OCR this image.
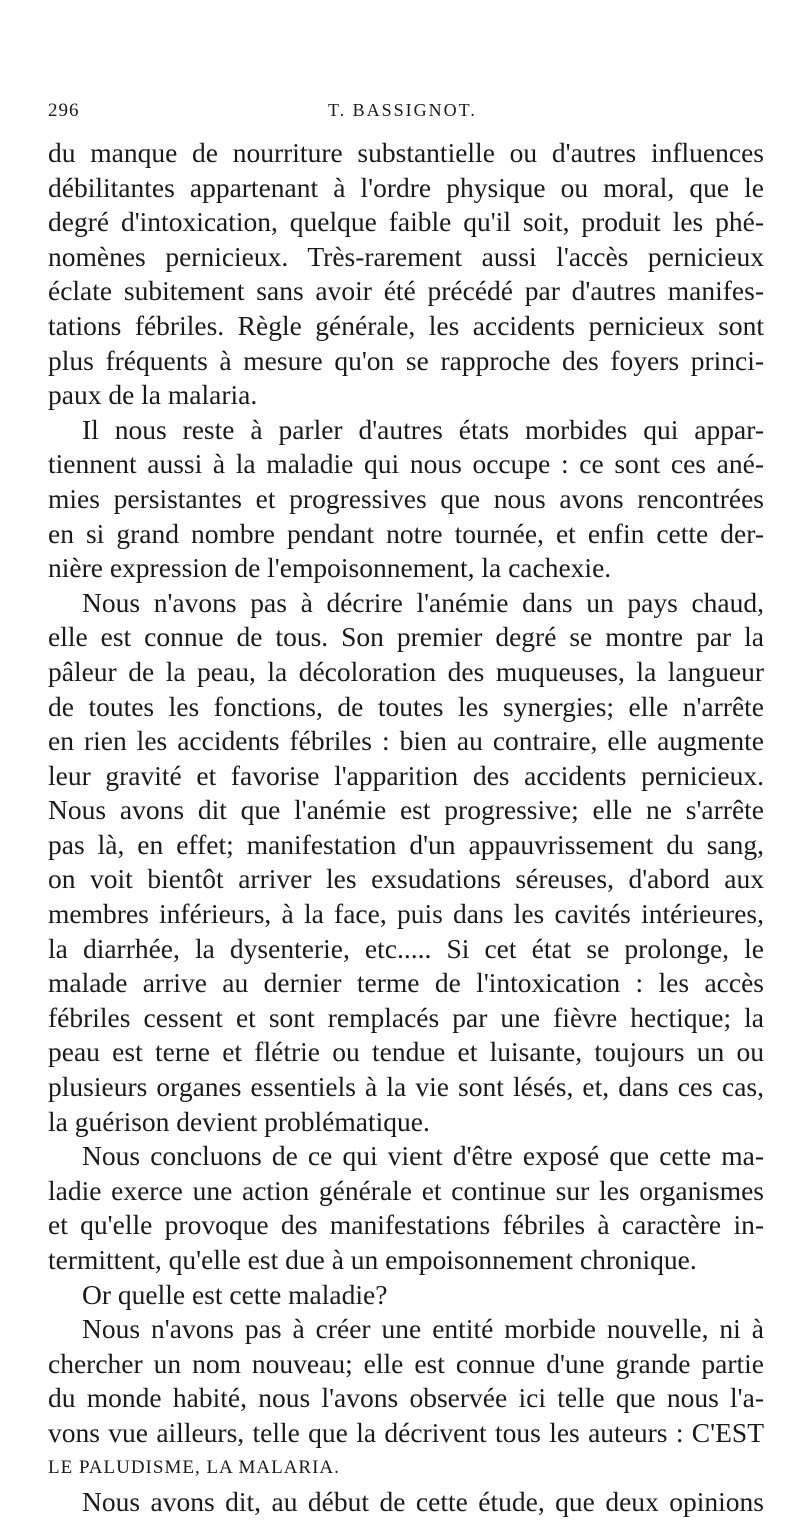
296	T. BASSIGNOT.
du manque de nourriture substantielle ou d'autres influences
débilitantes appartenant à l'ordre physique ou moral, que le
degré d'intoxication, quelque faible qu'il soit, produit les phé-
nomènes pernicieux. Très-rarement aussi l'accès pernicieux
éclate subitement sans avoir été précédé par d'autres manifes-
tations fébriles. Règle générale, les accidents pernicieux sont
plus fréquents à mesure qu'on se rapproche des foyers princi-
paux de la malaria.
Il nous reste à parler d'autres états morbides qui appar-
tiennent aussi à la maladie qui nous occupe : ce sont ces ané-
mies persistantes et progressives que nous avons rencontrées
en si grand nombre pendant notre tournée, et enfin cette der-
nière expression de l'empoisonnement, la cachexie.
Nous n'avons pas à décrire l'anémie dans un pays chaud,
elle est connue de tous. Son premier degré se montre par la
pâleur de la peau, la décoloration des muqueuses, la langueur
de toutes les fonctions, de toutes les synergies; elle n'arrête
en rien les accidents fébriles : bien au contraire, elle augmente
leur gravité et favorise l'apparition des accidents pernicieux.
Nous avons dit que l'anémie est progressive; elle ne s'arrête
pas là, en effet; manifestation d'un appauvrissement du sang,
on voit bientôt arriver les exsudations séreuses, d'abord aux
membres inférieurs, à la face, puis dans les cavités intérieures,
la diarrhée, la dysenterie, etc..... Si cet état se prolonge, le
malade arrive au dernier terme de l'intoxication : les accès
fébriles cessent et sont remplacés par une fièvre hectique; la
peau est terne et flétrie ou tendue et luisante, toujours un ou
plusieurs organes essentiels à la vie sont lésés, et, dans ces cas,
la guérison devient problématique.
Nous concluons de ce qui vient d'être exposé que cette ma-
ladie exerce une action générale et continue sur les organismes
et qu'elle provoque des manifestations fébriles à caractère in-
termittent, qu'elle est due à un empoisonnement chronique.
Or quelle est cette maladie?
Nous n'avons pas à créer une entité morbide nouvelle, ni à
chercher un nom nouveau; elle est connue d'une grande partie
du monde habité, nous l'avons observée ici telle que nous l'a-
vons vue ailleurs, telle que la décrivent tous les auteurs : C'EST
LE PALUDISME, LA MALARIA.
Nous avons dit, au début de cette étude, que deux opinions
